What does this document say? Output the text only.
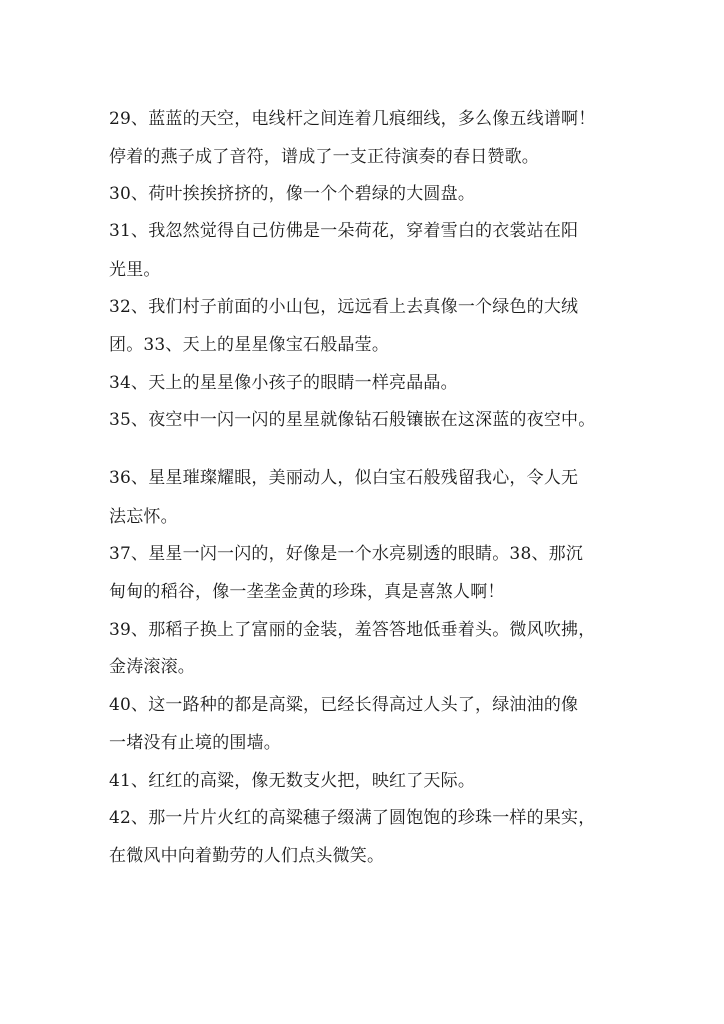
29、蓝蓝的天空，电线杆之间连着几痕细线，多么像五线谱啊！
停着的燕子成了音符，谱成了一支正待演奏的春日赞歌。
30、荷叶挨挨挤挤的，像一个个碧绿的大圆盘。
31、我忽然觉得自己仿佛是一朵荷花，穿着雪白的衣裳站在阳
光里。
32、我们村子前面的小山包，远远看上去真像一个绿色的大绒
团。33、天上的星星像宝石般晶莹。
34、天上的星星像小孩子的眼睛一样亮晶晶。
35、夜空中一闪一闪的星星就像钻石般镶嵌在这深蓝的夜空中。
36、星星璀璨耀眼，美丽动人，似白宝石般残留我心，令人无
法忘怀。
37、星星一闪一闪的，好像是一个水亮剔透的眼睛。38、那沉
甸甸的稻谷，像一垄垄金黄的珍珠，真是喜煞人啊！
39、那稻子换上了富丽的金装，羞答答地低垂着头。微风吹拂，
金涛滚滚。
40、这一路种的都是高粱，已经长得高过人头了，绿油油的像
一堵没有止境的围墙。
41、红红的高粱，像无数支火把，映红了天际。
42、那一片片火红的高粱穗子缀满了圆饱饱的珍珠一样的果实，
在微风中向着勤劳的人们点头微笑。
